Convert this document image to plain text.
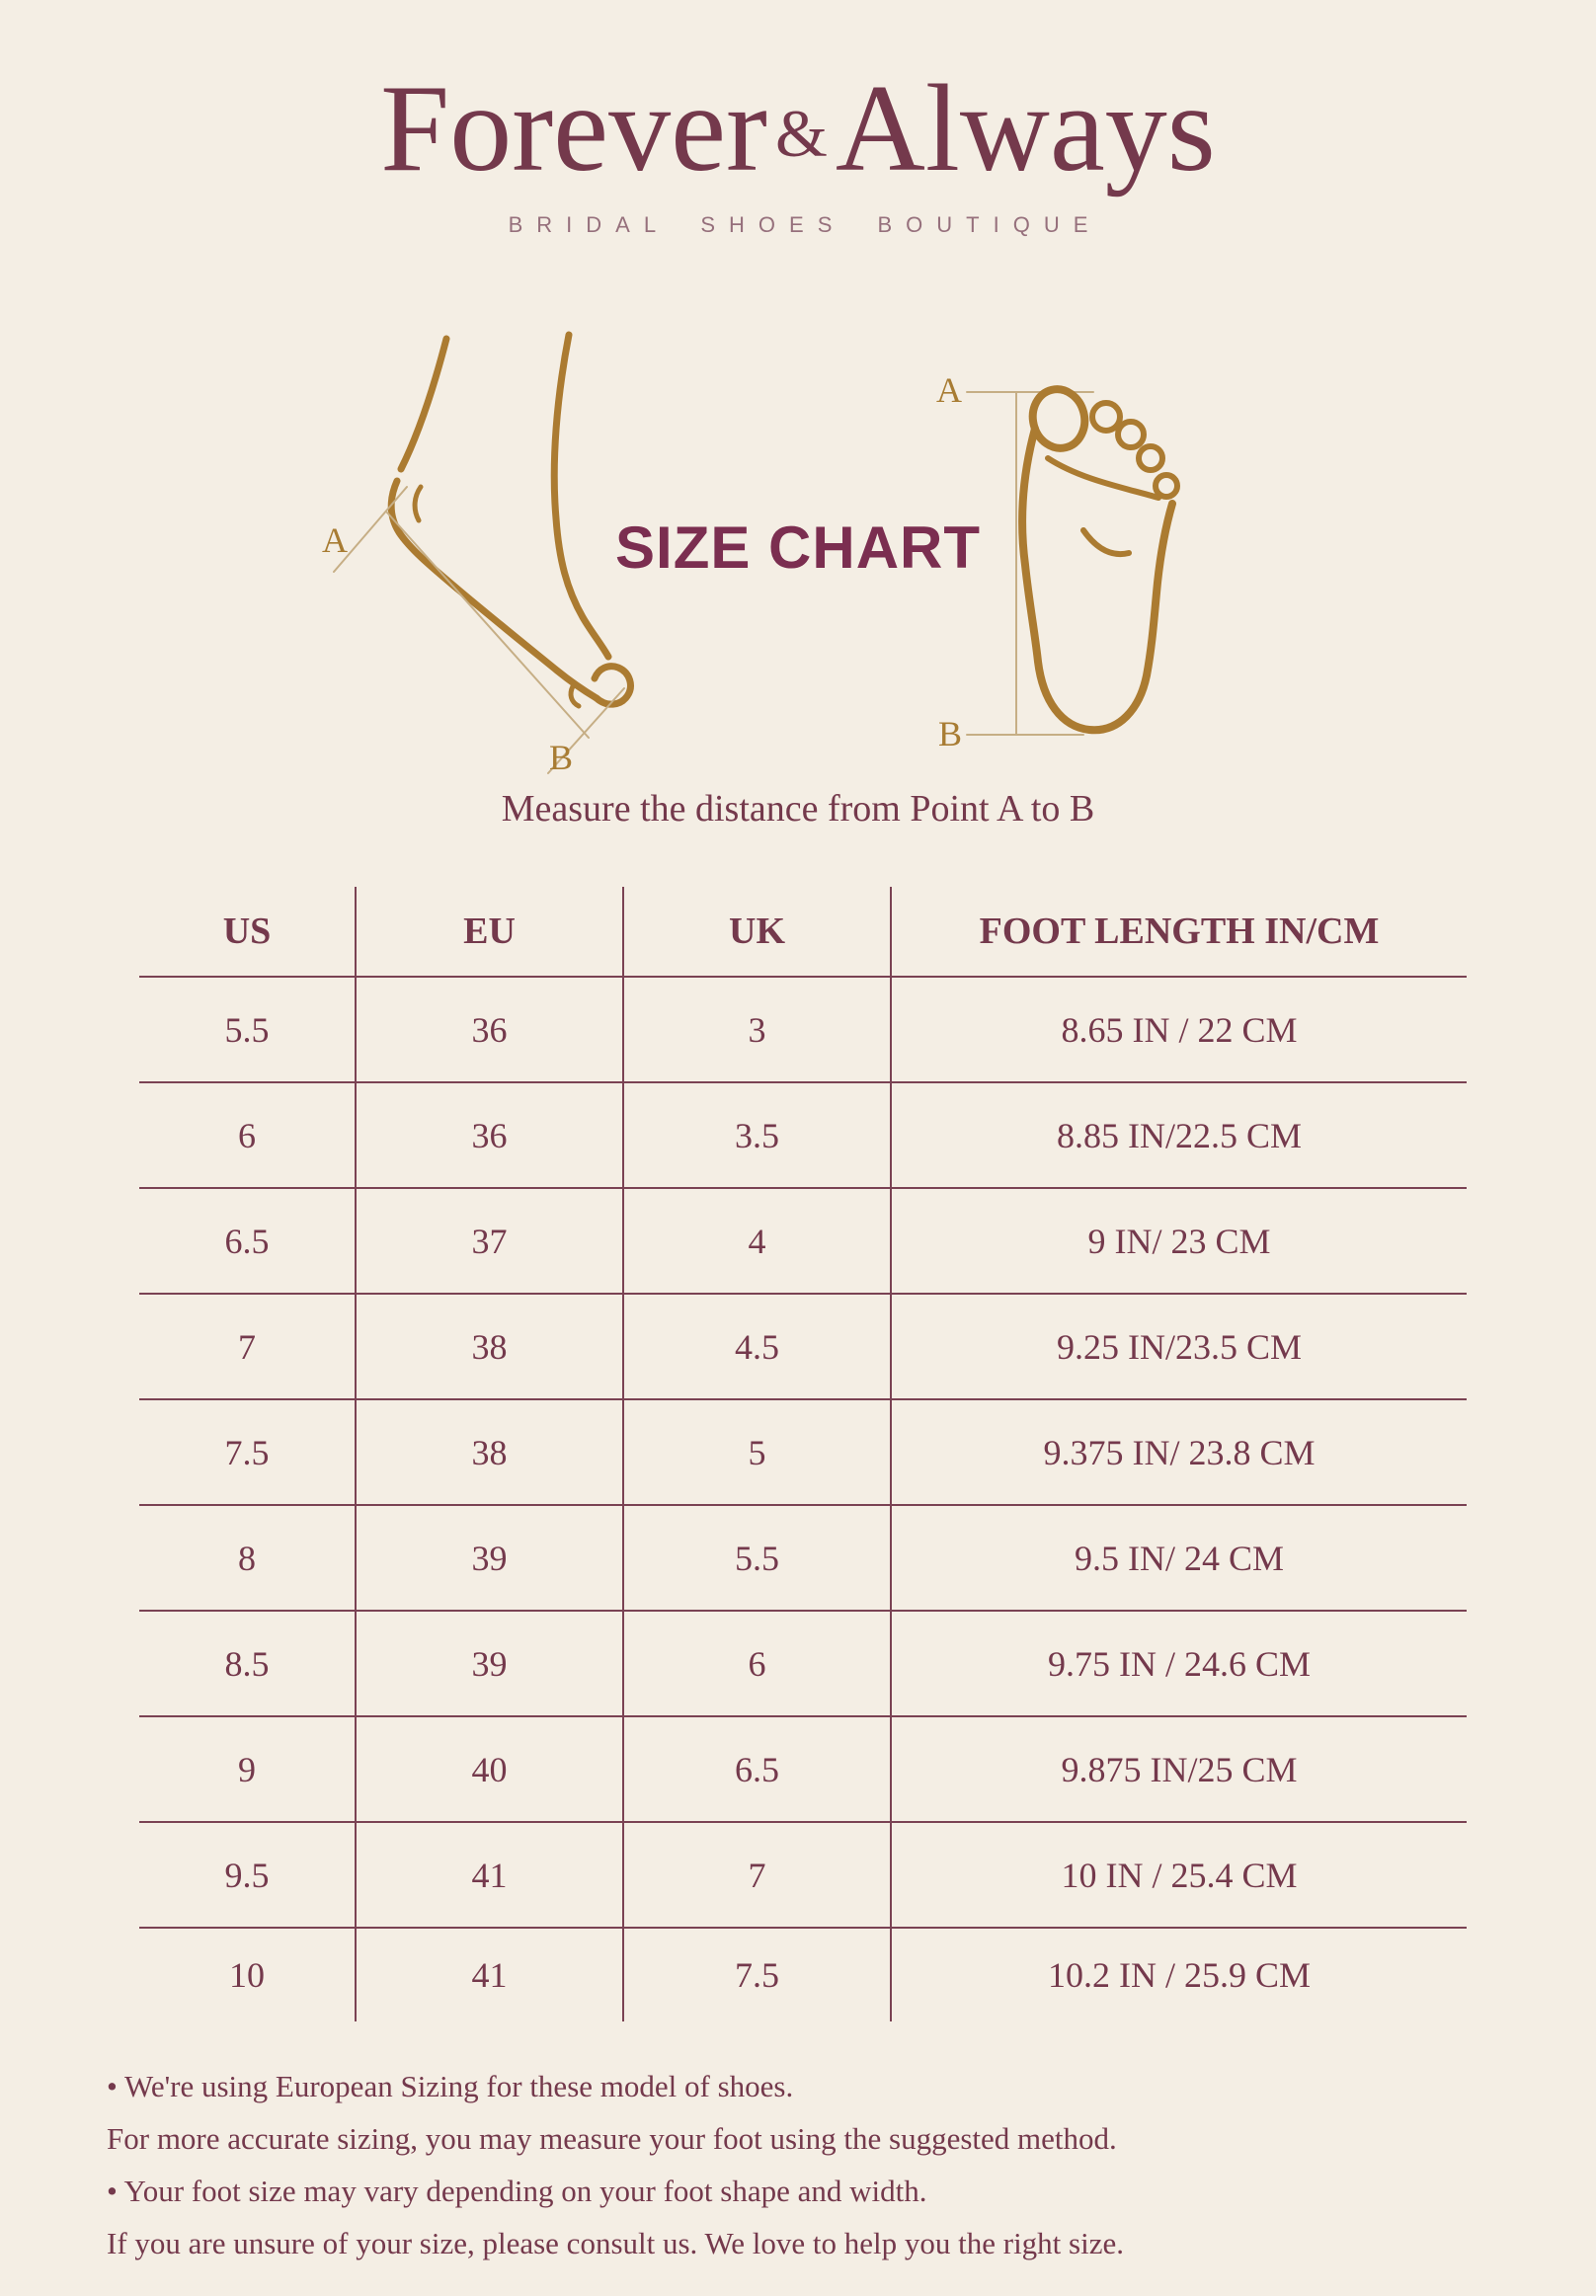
Forever &Always
BRIDAL SHOES BOUTIQUE
A
B
A
B
SIZE CHART
Measure the distance from Point A to B
US	EU	UK	FOOT LENGTH IN/CM
5.5	36	3	8.65 IN / 22 CM
6	36	3.5	8.85 IN/22.5 CM
6.5	37	4	9 IN/ 23 CM
7	38	4.5	9.25 IN/23.5 CM
7.5	38	5	9.375 IN/ 23.8 CM
8	39	5.5	9.5 IN/ 24 CM
8.5	39	6	9.75 IN / 24.6 CM
9	40	6.5	9.875 IN/25 CM
9.5	41	7	10 IN / 25.4 CM
10	41	7.5	10.2 IN / 25.9 CM
• We're using European Sizing for these model of shoes.
For more accurate sizing, you may measure your foot using the suggested method.
• Your foot size may vary depending on your foot shape and width.
If you are unsure of your size, please consult us. We love to help you the right size.
